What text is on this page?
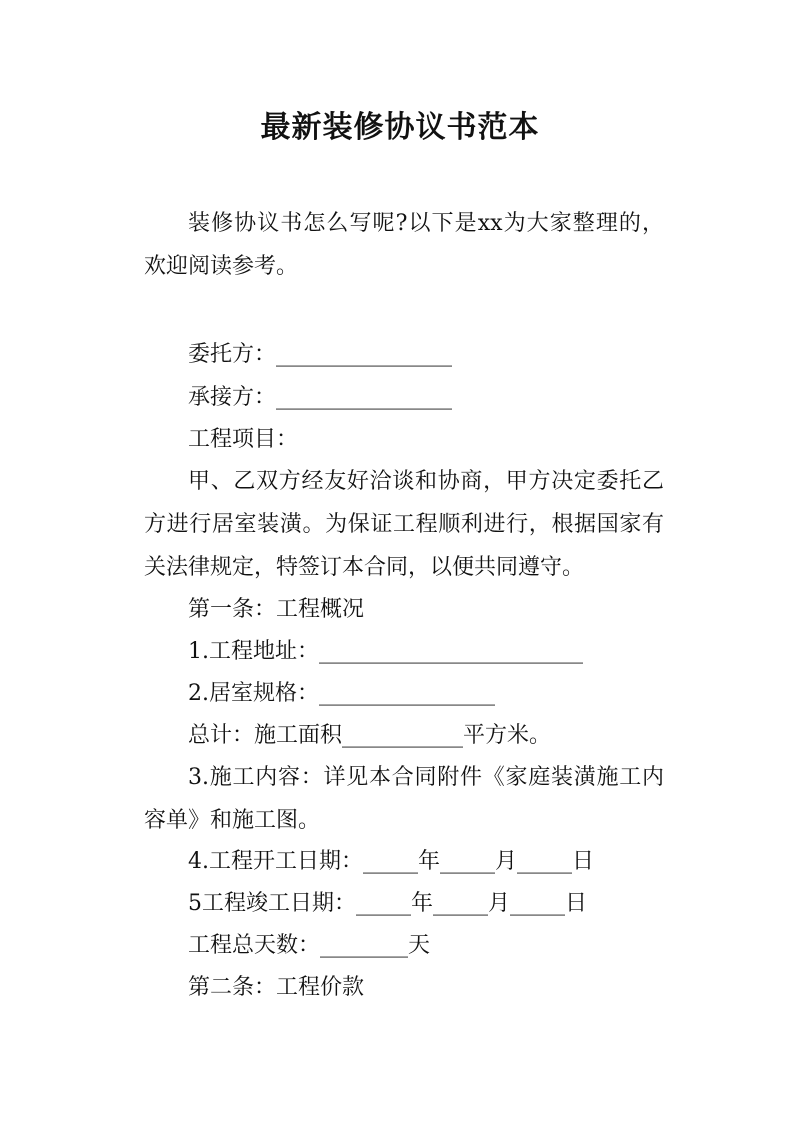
最新装修协议书范本
装修协议书怎么写呢?以下是xx为大家整理的，欢迎阅读参考。
委托方：________________
承接方：________________
工程项目：
甲、乙双方经友好洽谈和协商，甲方决定委托乙方进行居室装潢。为保证工程顺利进行，根据国家有关法律规定，特签订本合同，以便共同遵守。
第一条：工程概况
1.工程地址：________________________
2.居室规格：________________
总计：施工面积___________平方米。
3.施工内容：详见本合同附件《家庭装潢施工内容单》和施工图。
4.工程开工日期：_____年_____月_____日
5工程竣工日期：_____年_____月_____日
工程总天数：________天
第二条：工程价款
